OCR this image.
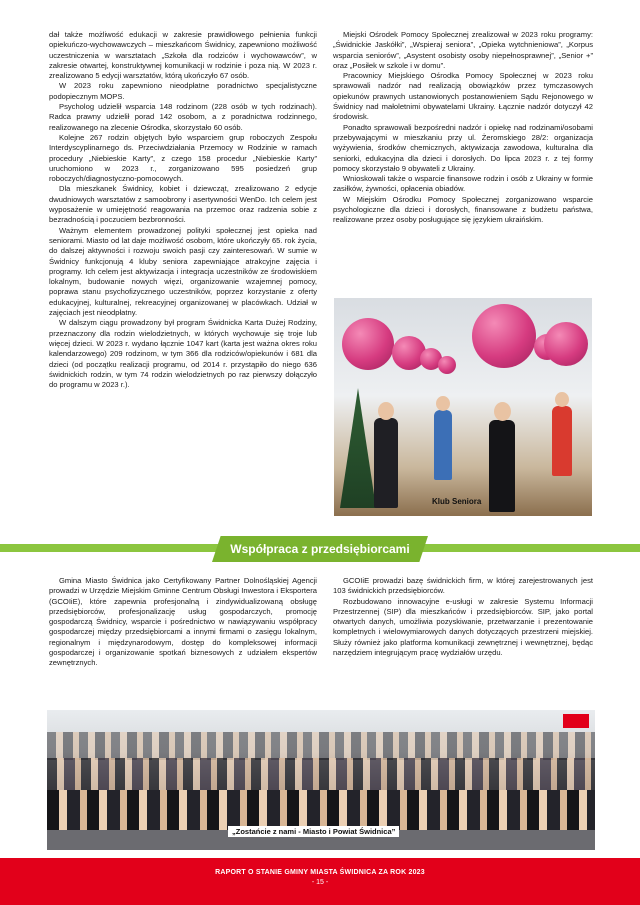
dał także możliwość edukacji w zakresie prawidłowego pełnienia funkcji opiekuńczo-wychowawczych – mieszkańcom Świdnicy, zapewniono możliwość uczestniczenia w warsztatach „Szkoła dla rodziców i wychowawców”, w zakresie otwartej, konstruktywnej komunikacji w rodzinie i poza nią. W 2023 r. zrealizowano 5 edycji warsztatów, którą ukończyło 67 osób.

W 2023 roku zapewniono nieodpłatne poradnictwo specjalistyczne podopiecznym MOPS.

Psycholog udzielił wsparcia 148 rodzinom (228 osób w tych rodzinach). Radca prawny udzielił porad 142 osobom, a z poradnictwa rodzinnego, realizowanego na zlecenie Ośrodka, skorzystało 60 osób.

Kolejne 267 rodzin objętych było wsparciem grup roboczych Zespołu Interdyscyplinarnego ds. Przeciwdziałania Przemocy w Rodzinie w ramach procedury „Niebieskie Karty”, z czego 158 procedur „Niebieskie Karty” uruchomiono w 2023 r., zorganizowano 595 posiedzeń grup roboczych/diagnostyczno-pomocowych.

Dla mieszkanek Świdnicy, kobiet i dziewcząt, zrealizowano 2 edycje dwudniowych warsztatów z samoobrony i asertywności WenDo. Ich celem jest wyposażenie w umiejętność reagowania na przemoc oraz radzenia sobie z bezradnością i poczuciem bezbronności.

Ważnym elementem prowadzonej polityki społecznej jest opieka nad seniorami. Miasto od lat daje możliwość osobom, które ukończyły 65. rok życia, do dalszej aktywności i rozwoju swoich pasji czy zainteresowań. W sumie w Świdnicy funkcjonują 4 kluby seniora zapewniające atrakcyjne zajęcia i programy. Ich celem jest aktywizacja i integracja uczestników ze środowiskiem lokalnym, budowanie nowych więzi, organizowanie wzajemnej pomocy, poprawa stanu psychofizycznego uczestników, poprzez korzystanie z oferty edukacyjnej, kulturalnej, rekreacyjnej organizowanej w placówkach. Udział w zajęciach jest nieodpłatny.

W dalszym ciągu prowadzony był program Świdnicka Karta Dużej Rodziny, przeznaczony dla rodzin wielodzietnych, w których wychowuje się troje lub więcej dzieci. W 2023 r. wydano łącznie 1047 kart (karta jest ważna okres roku kalendarzowego) 209 rodzinom, w tym 366 dla rodziców/opiekunów i 681 dla dzieci (od początku realizacji programu, od 2014 r. przystąpiło do niego 636 świdnickich rodzin, w tym 74 rodzin wielodzietnych po raz pierwszy dołączyło do programu w 2023 r.).

Miejski Ośrodek Pomocy Społecznej zrealizował w 2023 roku programy: „Świdnickie Jaskółki”, „Wspieraj seniora”, „Opieka wytchnieniowa”, „Korpus wsparcia seniorów”, „Asystent osobisty osoby niepełnosprawnej”, „Senior +” oraz „Posiłek w szkole i w domu”.

Pracownicy Miejskiego Ośrodka Pomocy Społecznej w 2023 roku sprawowali nadzór nad realizacją obowiązków przez tymczasowych opiekunów prawnych ustanowionych postanowieniem Sądu Rejonowego w Świdnicy nad małoletnimi obywatelami Ukrainy. Łącznie nadzór dotyczył 42 środowisk.

Ponadto sprawowali bezpośredni nadzór i opiekę nad rodzinami/osobami przebywającymi w mieszkaniu przy ul. Żeromskiego 28/2: organizacja wyżywienia, środków chemicznych, aktywizacja zawodowa, kulturalna dla seniorki, edukacyjna dla dzieci i dorosłych. Do lipca 2023 r. z tej formy pomocy skorzystało 9 obywateli z Ukrainy.

Wnioskowali także o wsparcie finansowe rodzin i osób z Ukrainy w formie zasiłków, żywności, opłacenia obiadów.

W Miejskim Ośrodku Pomocy Społecznej zorganizowano wsparcie psychologiczne dla dzieci i dorosłych, finansowane z budżetu państwa, realizowane przez osoby posługujące się językiem ukraińskim.

Klub Seniora
Współpraca z przedsiębiorcami

Gmina Miasto Świdnica jako Certyfikowany Partner Dolnośląskiej Agencji prowadzi w Urzędzie Miejskim Gminne Centrum Obsługi Inwestora i Eksportera (GCOIiE), które zapewnia profesjonalną i zindywidualizowaną obsługę przedsiębiorców, profesjonalizację usług gospodarczych, promocję gospodarczą Świdnicy, wsparcie i pośrednictwo w nawiązywaniu współpracy gospodarczej między przedsiębiorcami a innymi firmami o zasięgu lokalnym, regionalnym i międzynarodowym, dostęp do kompleksowej informacji gospodarczej i organizowanie spotkań biznesowych z udziałem ekspertów zewnętrznych.

GCOIiE prowadzi bazę świdnickich firm, w której zarejestrowanych jest 103 świdnickich przedsiębiorców.

Rozbudowano innowacyjne e-usługi w zakresie Systemu Informacji Przestrzennej (SIP) dla mieszkańców i przedsiębiorców. SIP, jako portal otwartych danych, umożliwia pozyskiwanie, przetwarzanie i prezentowanie kompletnych i wielowymiarowych danych dotyczących przestrzeni miejskiej. Służy również jako platforma komunikacji zewnętrznej i wewnętrznej, będąc narzędziem integrującym pracę wydziałów urzędu.

„Zostańcie z nami - Miasto i Powiat Świdnica”
RAPORT O STANIE GMINY MIASTA ŚWIDNICA ZA ROK 2023
- 15 -
